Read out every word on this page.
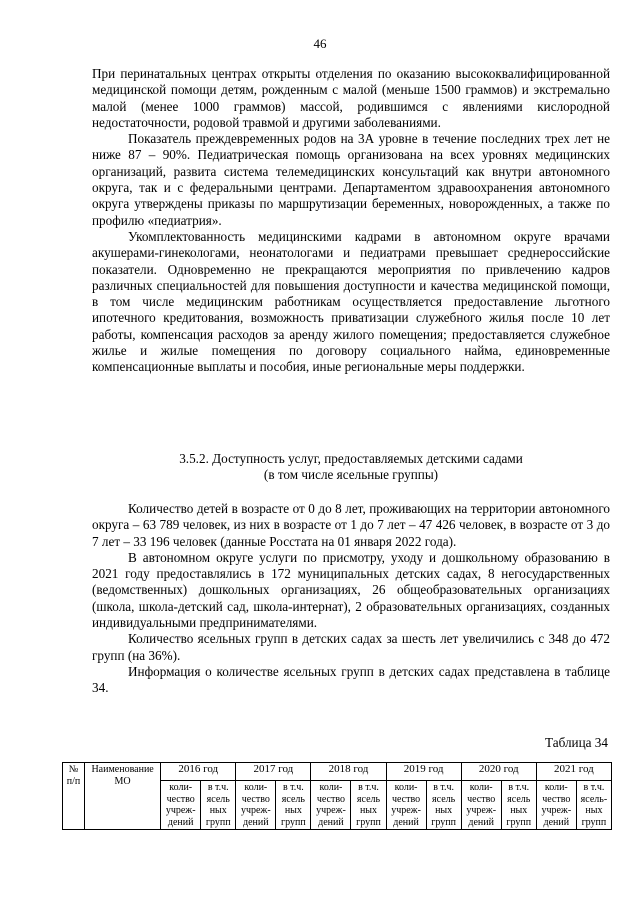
46

При перинатальных центрах открыты отделения по оказанию высококвалифицированной медицинской помощи детям, рожденным с малой (меньше 1500 граммов) и экстремально малой (менее 1000 граммов) массой, родившимся с явлениями кислородной недостаточности, родовой травмой и другими заболеваниями.

Показатель преждевременных родов на 3А уровне в течение последних трех лет не ниже 87 – 90%. Педиатрическая помощь организована на всех уровнях медицинских организаций, развита система телемедицинских консультаций как внутри автономного округа, так и с федеральными центрами. Департаментом здравоохранения автономного округа утверждены приказы по маршрутизации беременных, новорожденных, а также по профилю «педиатрия».

Укомплектованность медицинскими кадрами в автономном округе врачами акушерами-гинекологами, неонатологами и педиатрами превышает среднероссийские показатели. Одновременно не прекращаются мероприятия по привлечению кадров различных специальностей для повышения доступности и качества медицинской помощи, в том числе медицинским работникам осуществляется предоставление льготного ипотечного кредитования, возможность приватизации служебного жилья после 10 лет работы, компенсация расходов за аренду жилого помещения; предоставляется служебное жилье и жилые помещения по договору социального найма, единовременные компенсационные выплаты и пособия, иные региональные меры поддержки.

3.5.2. Доступность услуг, предоставляемых детскими садами
(в том числе ясельные группы)

Количество детей в возрасте от 0 до 8 лет, проживающих на территории автономного округа – 63 789 человек, из них в возрасте от 1 до 7 лет – 47 426 человек, в возрасте от 3 до 7 лет – 33 196 человек (данные Росстата на 01 января 2022 года).

В автономном округе услуги по присмотру, уходу и дошкольному образованию в 2021 году предоставлялись в 172 муниципальных детских садах, 8 негосударственных (ведомственных) дошкольных организациях, 26 общеобразовательных организациях (школа, школа-детский сад, школа-интернат), 2 образовательных организациях, созданных индивидуальными предпринимателями.

Количество ясельных групп в детских садах за шесть лет увеличились с 348 до 472 групп (на 36%).

Информация о количестве ясельных групп в детских садах представлена в таблице 34.

Таблица 34
№ п/п	Наименование МО	2016 год		2017 год		2018 год		2019 год		2020 год		2021 год	
		коли-чество учреж-дений	в т.ч. ясель ных групп	коли-чество учреж-дений	в т.ч. ясель ных групп	коли-чество учреж-дений	в т.ч. ясель ных групп	коли-чество учреж-дений	в т.ч. ясель ных групп	коли-чество учреж-дений	в т.ч. ясель ных групп	коли-чество учреж-дений	в т.ч. ясель-ных групп
